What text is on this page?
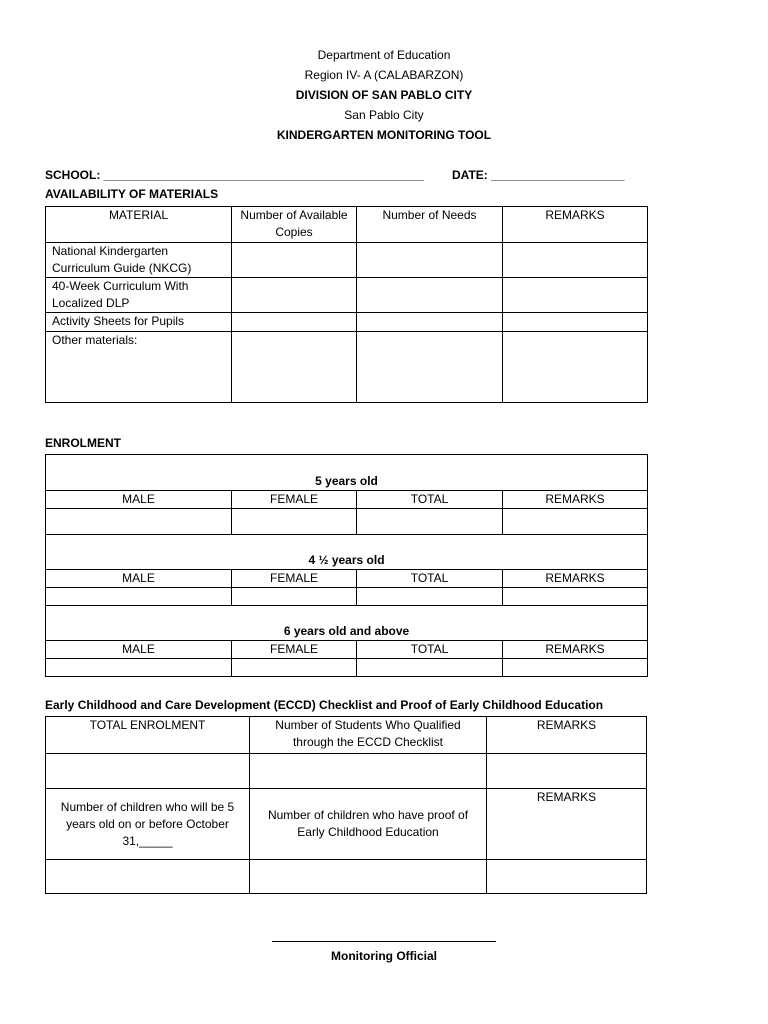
Department of Education
Region IV- A (CALABARZON)
DIVISION OF SAN PABLO CITY
San Pablo City
KINDERGARTEN MONITORING TOOL
SCHOOL: ________________________________________________ DATE: ____________________
AVAILABILITY OF MATERIALS
MATERIAL	Number of Available Copies	Number of Needs	REMARKS
National Kindergarten Curriculum Guide (NKCG)			
40-Week Curriculum With Localized DLP			
Activity Sheets for Pupils			
Other materials:			
ENROLMENT
5 years old			
MALE	FEMALE	TOTAL	REMARKS

4 ½ years old			
MALE	FEMALE	TOTAL	REMARKS

6 years old and above			
MALE	FEMALE	TOTAL	REMARKS

Early Childhood and Care Development (ECCD) Checklist and Proof of Early Childhood Education
TOTAL ENROLMENT	Number of Students Who Qualified through the ECCD Checklist	REMARKS

Number of children who will be 5 years old on or before October 31,_____	Number of children who have proof of Early Childhood Education	REMARKS

Monitoring Official
